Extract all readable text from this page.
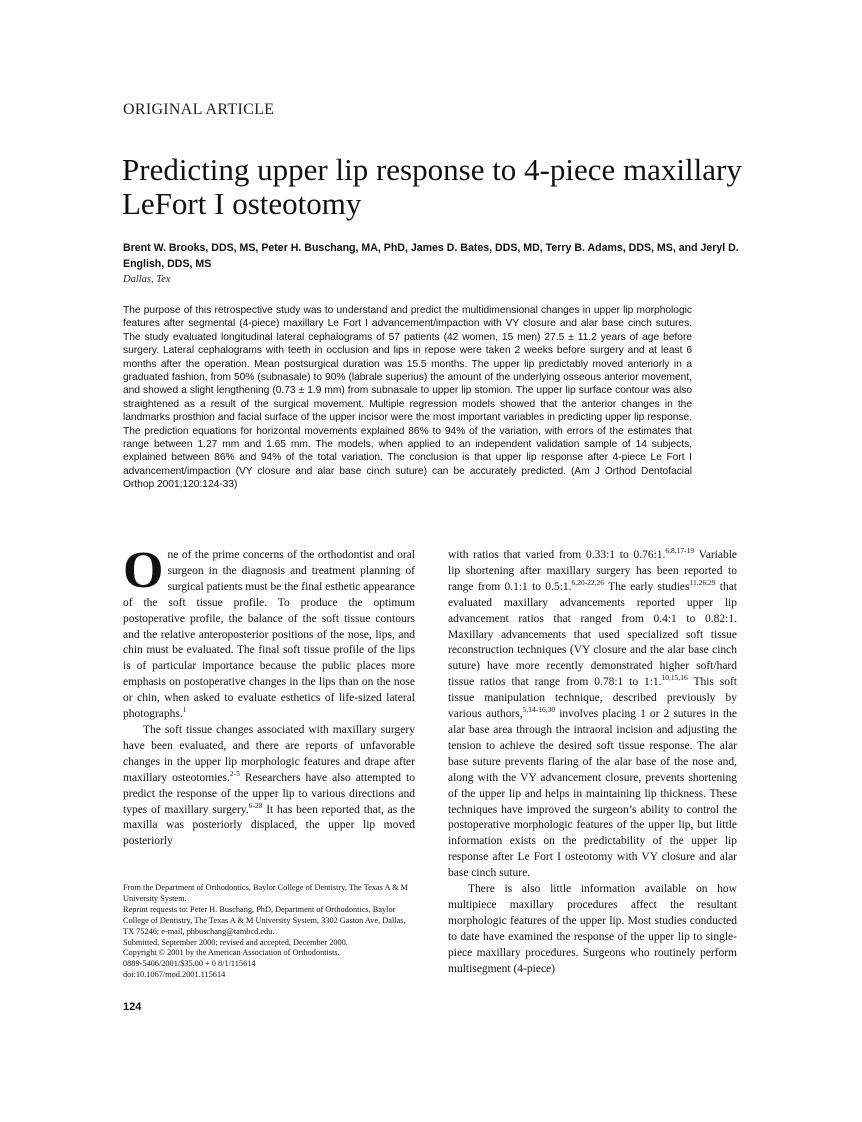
ORIGINAL ARTICLE
Predicting upper lip response to 4-piece maxillary LeFort I osteotomy
Brent W. Brooks, DDS, MS, Peter H. Buschang, MA, PhD, James D. Bates, DDS, MD, Terry B. Adams, DDS, MS, and Jeryl D. English, DDS, MS
Dallas, Tex
The purpose of this retrospective study was to understand and predict the multidimensional changes in upper lip morphologic features after segmental (4-piece) maxillary Le Fort I advancement/impaction with VY closure and alar base cinch sutures. The study evaluated longitudinal lateral cephalograms of 57 patients (42 women, 15 men) 27.5 ± 11.2 years of age before surgery. Lateral cephalograms with teeth in occlusion and lips in repose were taken 2 weeks before surgery and at least 6 months after the operation. Mean postsurgical duration was 15.5 months. The upper lip predictably moved anteriorly in a graduated fashion, from 50% (subnasale) to 90% (labrale superius) the amount of the underlying osseous anterior movement, and showed a slight lengthening (0.73 ± 1.9 mm) from subnasale to upper lip stomion. The upper lip surface contour was also straightened as a result of the surgical movement. Multiple regression models showed that the anterior changes in the landmarks prosthion and facial surface of the upper incisor were the most important variables in predicting upper lip response. The prediction equations for horizontal movements explained 86% to 94% of the variation, with errors of the estimates that range between 1.27 mm and 1.65 mm. The models, when applied to an independent validation sample of 14 subjects, explained between 86% and 94% of the total variation. The conclusion is that upper lip response after 4-piece Le Fort I advancement/impaction (VY closure and alar base cinch suture) can be accurately predicted. (Am J Orthod Dentofacial Orthop 2001;120:124-33)

One of the prime concerns of the orthodontist and oral surgeon in the diagnosis and treatment planning of surgical patients must be the final esthetic appearance of the soft tissue profile. To produce the optimum postoperative profile, the balance of the soft tissue contours and the relative anteroposterior positions of the nose, lips, and chin must be evaluated. The final soft tissue profile of the lips is of particular importance because the public places more emphasis on postoperative changes in the lips than on the nose or chin, when asked to evaluate esthetics of life-sized lateral photographs.$^1$

The soft tissue changes associated with maxillary surgery have been evaluated, and there are reports of unfavorable changes in the upper lip morphologic features and drape after maxillary osteotomies.$^{2-5}$ Researchers have also attempted to predict the response of the upper lip to various directions and types of maxillary surgery.$^{6-28}$ It has been reported that, as the maxilla was posteriorly displaced, the upper lip moved posteriorly

with ratios that varied from 0.33:1 to 0.76:1.$^{6,8,17-19}$ Variable lip shortening after maxillary surgery has been reported to range from 0.1:1 to 0.5:1.$^{6,20-22,26}$ The early studies$^{11,26,29}$ that evaluated maxillary advancements reported upper lip advancement ratios that ranged from 0.4:1 to 0.82:1. Maxillary advancements that used specialized soft tissue reconstruction techniques (VY closure and the alar base cinch suture) have more recently demonstrated higher soft/hard tissue ratios that range from 0.78:1 to 1:1.$^{10,15,16}$ This soft tissue manipulation technique, described previously by various authors,$^{5,14-16,30}$ involves placing 1 or 2 sutures in the alar base area through the intraoral incision and adjusting the tension to achieve the desired soft tissue response. The alar base suture prevents flaring of the alar base of the nose and, along with the VY advancement closure, prevents shortening of the upper lip and helps in maintaining lip thickness. These techniques have improved the surgeon’s ability to control the postoperative morphologic features of the upper lip, but little information exists on the predictability of the upper lip response after Le Fort I osteotomy with VY closure and alar base cinch suture.

There is also little information available on how multipiece maxillary procedures affect the resultant morphologic features of the upper lip. Most studies conducted to date have examined the response of the upper lip to single-piece maxillary procedures. Surgeons who routinely perform multisegment (4-piece)

From the Department of Orthodontics, Baylor College of Dentistry, The Texas A & M University System.
Reprint requests to: Peter H. Buschang, PhD, Department of Orthodontics, Baylor College of Dentistry, The Texas A & M University System, 3302 Gaston Ave, Dallas, TX 75246; e-mail, phbuschang@tambcd.edu.
Submitted, September 2000; revised and accepted, December 2000.
Copyright © 2001 by the American Association of Orthodontists.
0889-5406/2001/$35.00 + 0 8/1/115614
doi:10.1067/mod.2001.115614
124
